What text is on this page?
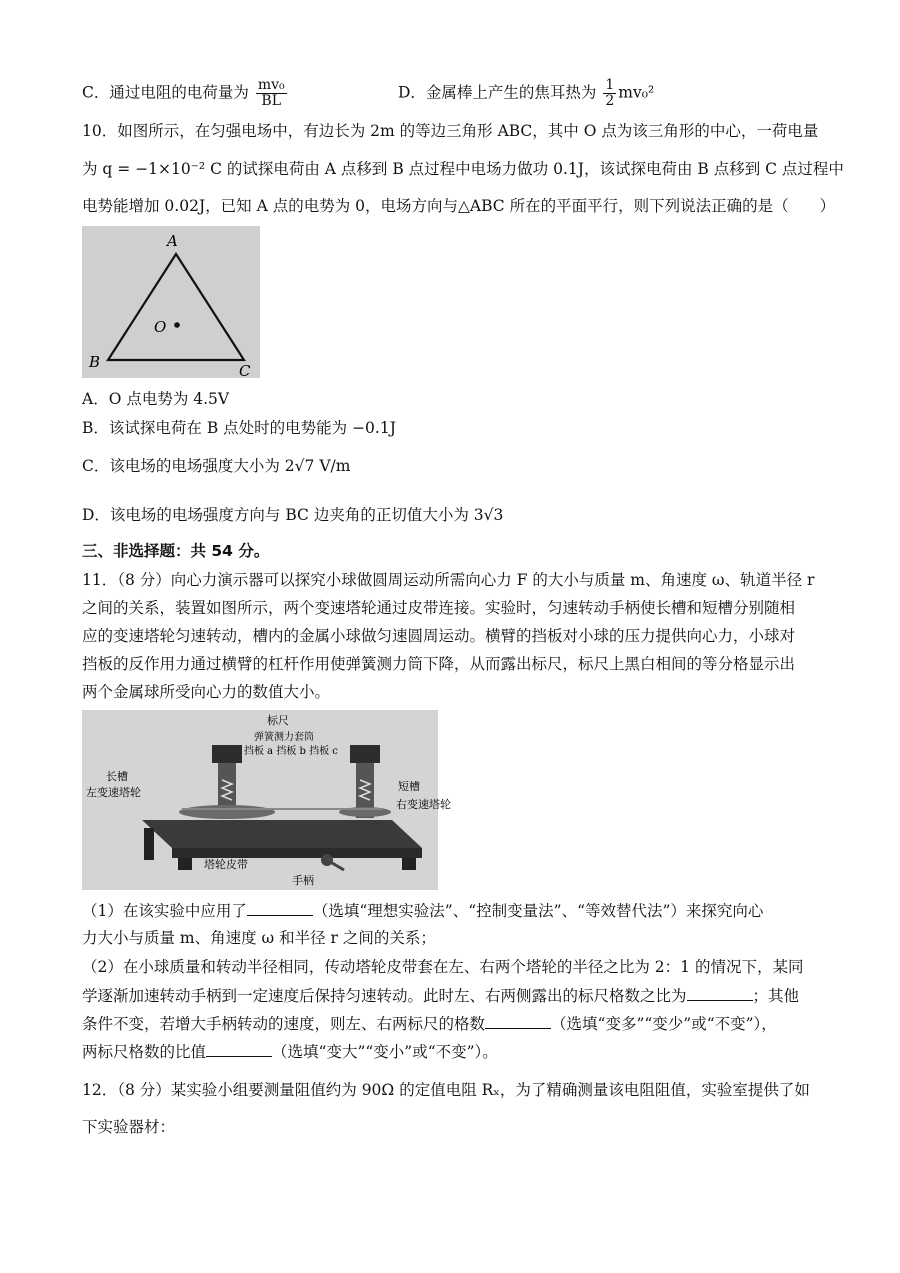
C．通过电阻的电荷量为 $\frac{\text{mv₀}}{BL}$	D．金属棒上产生的焦耳热为 $\frac{1}{2} mv_0^2$
10．如图所示，在匀强电场中，有边长为 2m 的等边三角形 ABC，其中 O 点为该三角形的中心，一荷电量
为 q = −1×10⁻² C 的试探电荷由 A 点移到 B 点过程中电场力做功 0.1J，该试探电荷由 B 点移到 C 点过程中
电势能增加 0.02J，已知 A 点的电势为 0，电场方向与△ABC 所在的平面平行，则下列说法正确的是（　　）
A
B	C
O
A．O 点电势为 4.5V
B．该试探电荷在 B 点处时的电势能为 −0.1J
C．该电场的电场强度大小为 2√7 V/m
D．该电场的电场强度方向与 BC 边夹角的正切值大小为 3√3
三、非选择题：共 54 分。
11．（8 分）向心力演示器可以探究小球做圆周运动所需向心力 F 的大小与质量 m、角速度 ω、轨道半径 r
之间的关系，装置如图所示，两个变速塔轮通过皮带连接。实验时，匀速转动手柄使长槽和短槽分别随相
应的变速塔轮匀速转动，槽内的金属小球做匀速圆周运动。横臂的挡板对小球的压力提供向心力，小球对
挡板的反作用力通过横臂的杠杆作用使弹簧测力筒下降，从而露出标尺，标尺上黑白相间的等分格显示出
两个金属球所受向心力的数值大小。
标尺
弹簧测力套筒
挡板 a 挡板 b 挡板 c
长槽
左变速塔轮	短槽
右变速塔轮
塔轮皮带
手柄
（1）在该实验中应用了	（选填“理想实验法”、“控制变量法”、“等效替代法”）来探究向心
力大小与质量 m、角速度 ω 和半径 r 之间的关系；
（2）在小球质量和转动半径相同，传动塔轮皮带套在左、右两个塔轮的半径之比为 2：1 的情况下，某同
学逐渐加速转动手柄到一定速度后保持匀速转动。此时左、右两侧露出的标尺格数之比为	；其他
条件不变，若增大手柄转动的速度，则左、右两标尺的格数	（选填“变多”“变少”或“不变”），
两标尺格数的比值	（选填“变大”“变小”或“不变”）。
12．（8 分）某实验小组要测量阻值约为 90Ω 的定值电阻 Rₓ，为了精确测量该电阻阻值，实验室提供了如
下实验器材：
